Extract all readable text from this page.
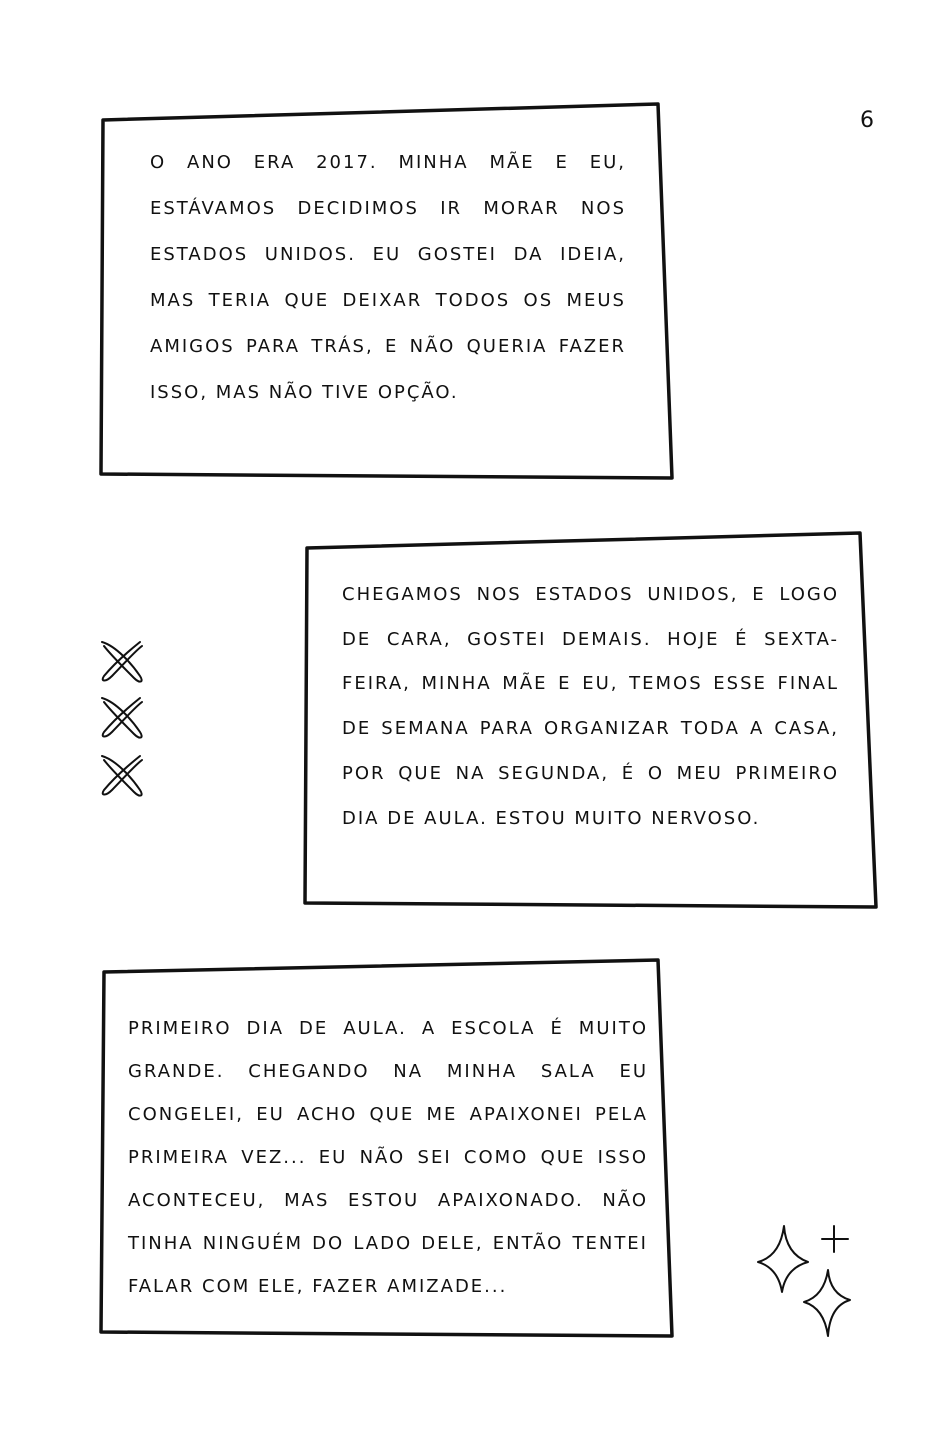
6

O ANO ERA 2017. MINHA MÃE E EU, ESTÁVAMOS DECIDIMOS IR MORAR NOS ESTADOS UNIDOS. EU GOSTEI DA IDEIA, MAS TERIA QUE DEIXAR TODOS OS MEUS AMIGOS PARA TRÁS, E NÃO QUERIA FAZER ISSO, MAS NÃO TIVE OPÇÃO.

CHEGAMOS NOS ESTADOS UNIDOS, E LOGO DE CARA, GOSTEI DEMAIS. HOJE É SEXTA-FEIRA, MINHA MÃE E EU, TEMOS ESSE FINAL DE SEMANA PARA ORGANIZAR TODA A CASA, POR QUE NA SEGUNDA, É O MEU PRIMEIRO DIA DE AULA. ESTOU MUITO NERVOSO.

PRIMEIRO DIA DE AULA. A ESCOLA É MUITO GRANDE. CHEGANDO NA MINHA SALA EU CONGELEI, EU ACHO QUE ME APAIXONEI PELA PRIMEIRA VEZ... EU NÃO SEI COMO QUE ISSO ACONTECEU, MAS ESTOU APAIXONADO. NÃO TINHA NINGUÉM DO LADO DELE, ENTÃO TENTEI FALAR COM ELE, FAZER AMIZADE...
